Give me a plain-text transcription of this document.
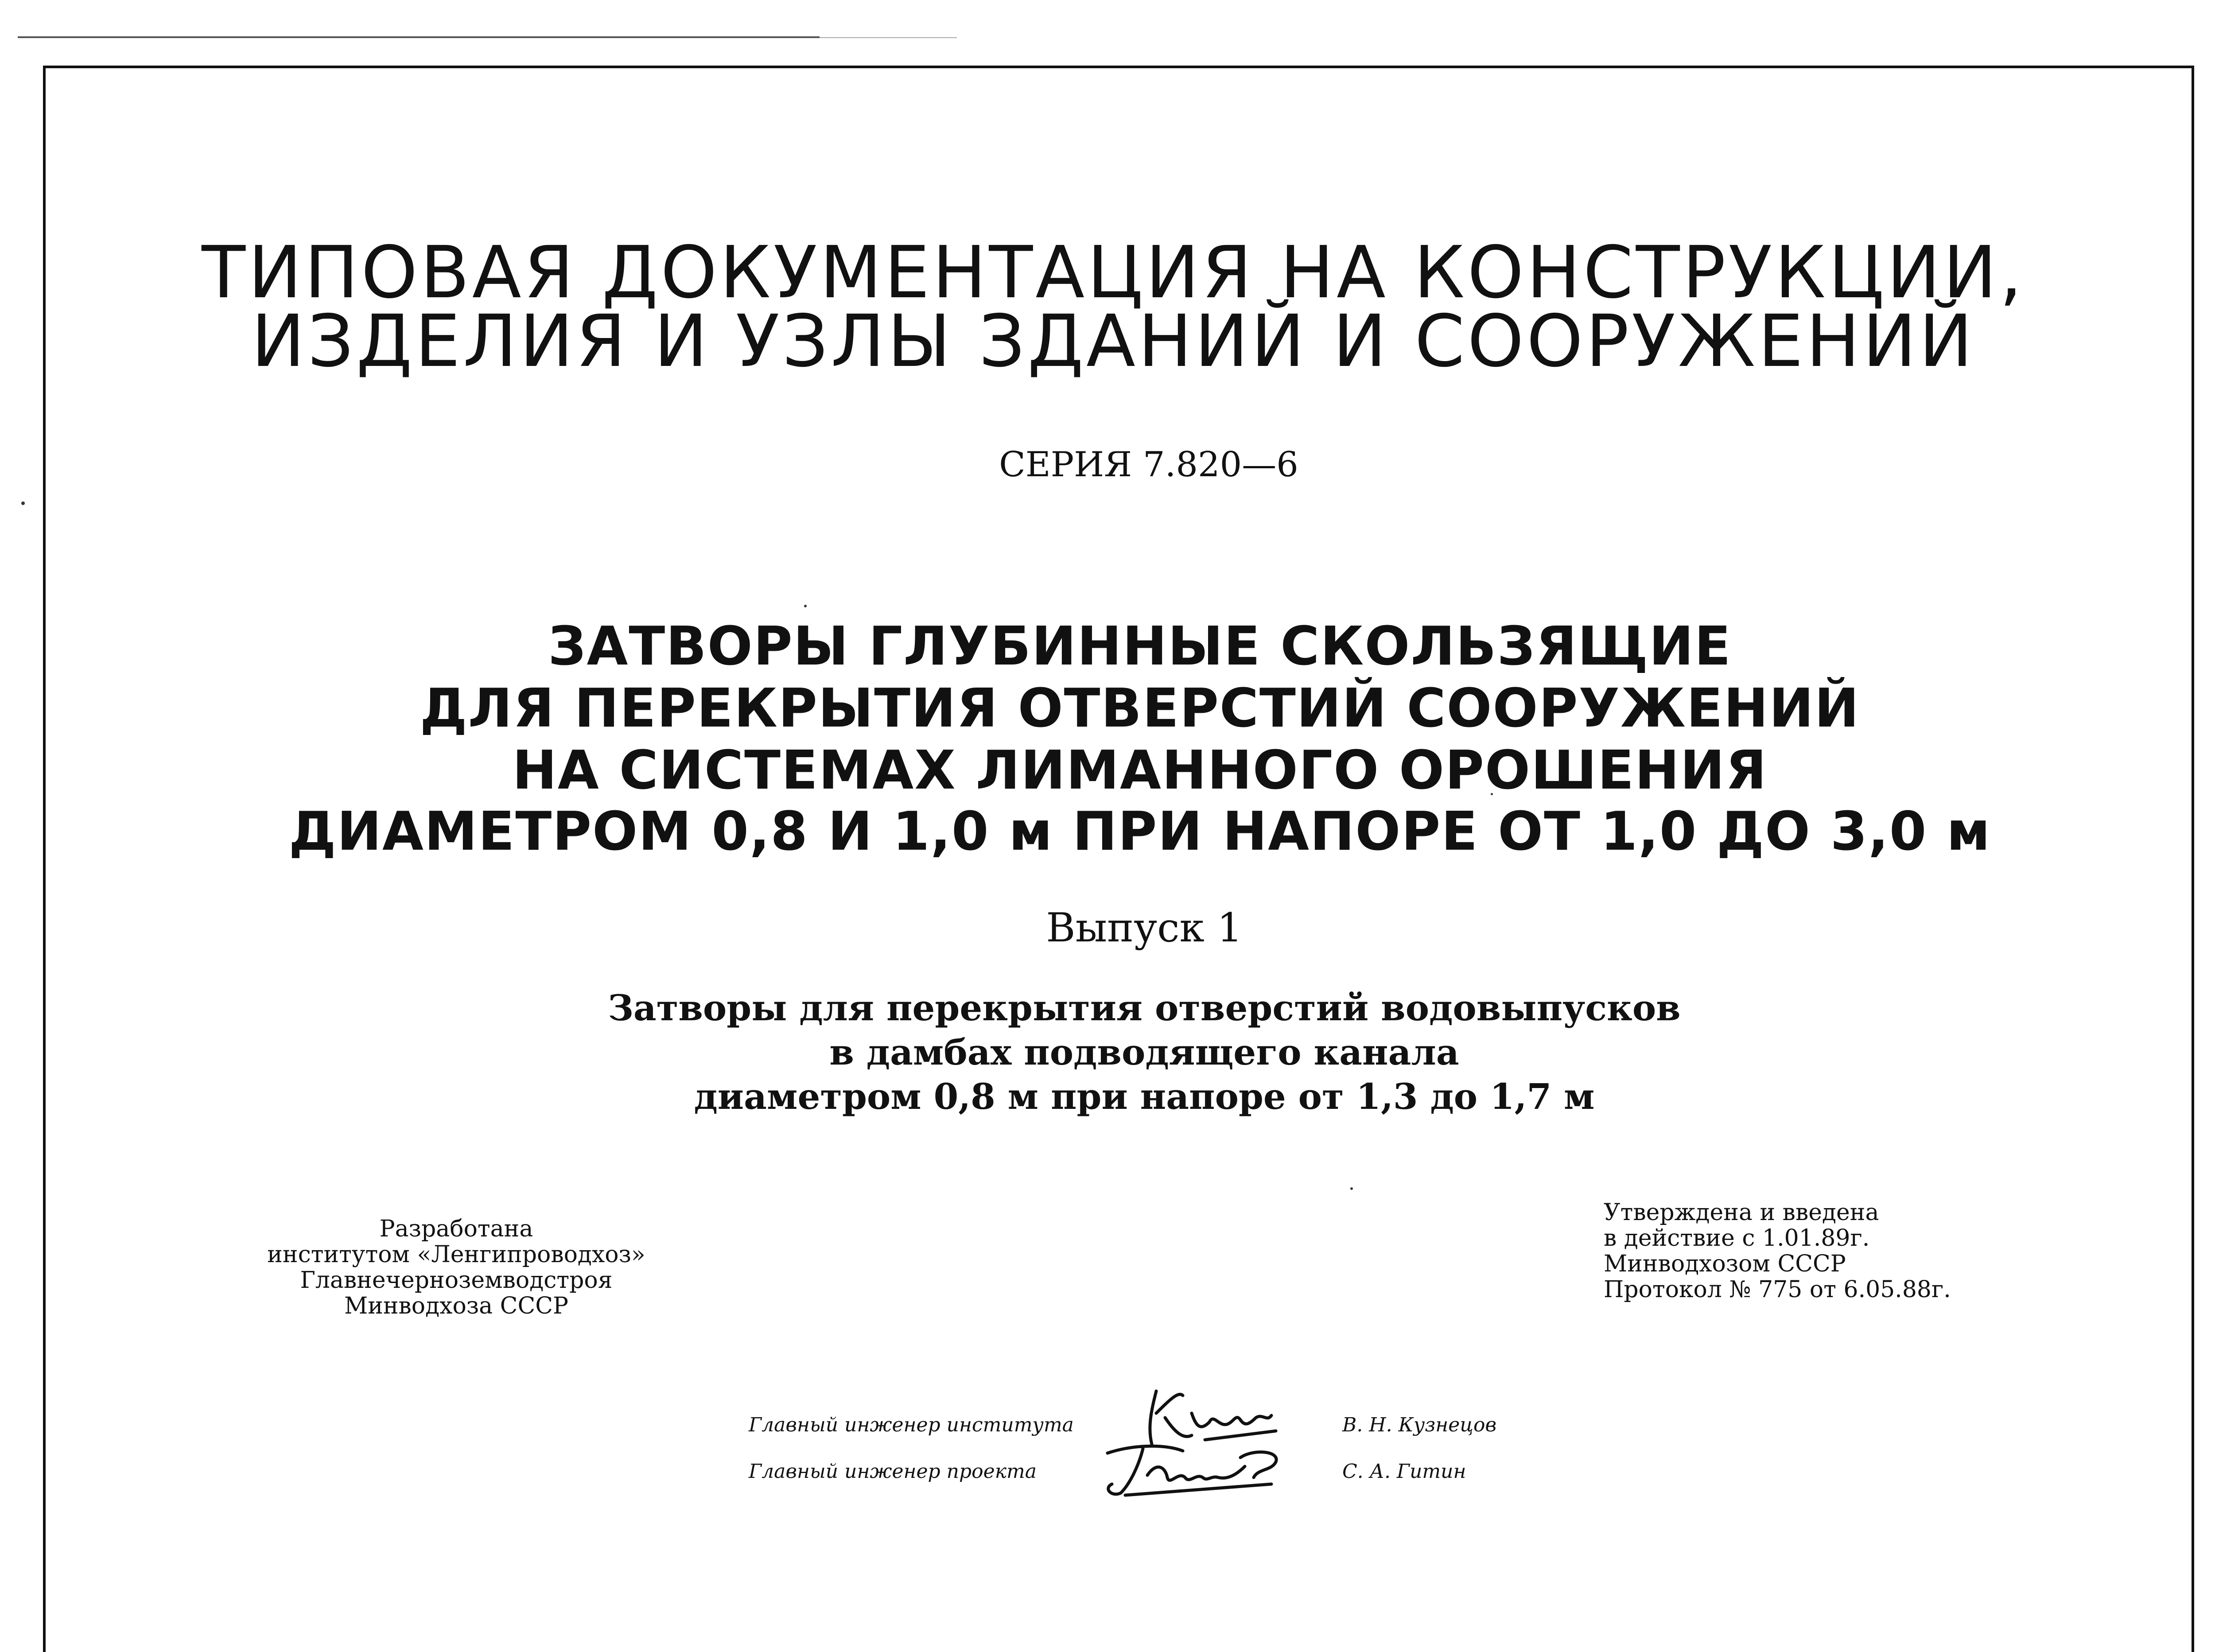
ТИПОВАЯ ДОКУМЕНТАЦИЯ НА КОНСТРУКЦИИ,
ИЗДЕЛИЯ И УЗЛЫ ЗДАНИЙ И СООРУЖЕНИЙ
СЕРИЯ 7.820—6
ЗАТВОРЫ ГЛУБИННЫЕ СКОЛЬЗЯЩИЕ
ДЛЯ ПЕРЕКРЫТИЯ ОТВЕРСТИЙ СООРУЖЕНИЙ
НА СИСТЕМАХ ЛИМАННОГО ОРОШЕНИЯ
ДИАМЕТРОМ 0,8 И 1,0 м ПРИ НАПОРЕ ОТ 1,0 ДО 3,0 м
Выпуск 1
Затворы для перекрытия отверстий водовыпусков
в дамбах подводящего канала
диаметром 0,8 м при напоре от 1,3 до 1,7 м
Разработана
институтом «Ленгипроводхоз»
Главнечерноземводстроя
Минводхоза СССР
Утверждена и введена
в действие с 1.01.89г.
Минводхозом СССР
Протокол № 775 от 6.05.88г.
Главный инженер института	В. Н. Кузнецов
Главный инженер проекта	С. А. Гитин
